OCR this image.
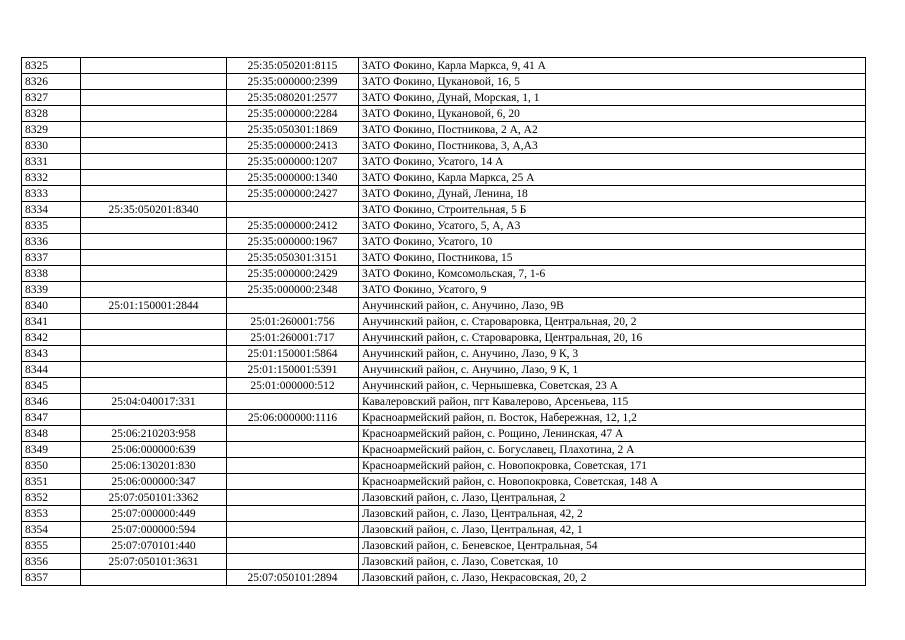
8325		25:35:050201:8115	ЗАТО Фокино, Карла Маркса, 9, 41 А
8326		25:35:000000:2399	ЗАТО Фокино, Цукановой, 16, 5
8327		25:35:080201:2577	ЗАТО Фокино, Дунай, Морская, 1, 1
8328		25:35:000000:2284	ЗАТО Фокино, Цукановой, 6, 20
8329		25:35:050301:1869	ЗАТО Фокино, Постникова, 2 А, А2
8330		25:35:000000:2413	ЗАТО Фокино, Постникова, 3, А,А3
8331		25:35:000000:1207	ЗАТО Фокино, Усатого, 14 А
8332		25:35:000000:1340	ЗАТО Фокино, Карла Маркса, 25 А
8333		25:35:000000:2427	ЗАТО Фокино, Дунай, Ленина, 18
8334	25:35:050201:8340		ЗАТО Фокино, Строительная, 5 Б
8335		25:35:000000:2412	ЗАТО Фокино, Усатого, 5, А, А3
8336		25:35:000000:1967	ЗАТО Фокино, Усатого, 10
8337		25:35:050301:3151	ЗАТО Фокино, Постникова, 15
8338		25:35:000000:2429	ЗАТО Фокино, Комсомольская, 7, 1-6
8339		25:35:000000:2348	ЗАТО Фокино, Усатого, 9
8340	25:01:150001:2844		Анучинский район, с. Анучино, Лазо, 9В
8341		25:01:260001:756	Анучинский район, с. Староваровка, Центральная, 20, 2
8342		25:01:260001:717	Анучинский район, с. Староваровка, Центральная, 20, 16
8343		25:01:150001:5864	Анучинский район, с. Анучино, Лазо, 9 К, 3
8344		25:01:150001:5391	Анучинский район, с. Анучино, Лазо, 9 К, 1
8345		25:01:000000:512	Анучинский район, с. Чернышевка, Советская, 23 А
8346	25:04:040017:331		Кавалеровский район, пгт Кавалерово, Арсеньева, 115
8347		25:06:000000:1116	Красноармейский район, п. Восток, Набережная, 12, 1,2
8348	25:06:210203:958		Красноармейский район, с. Рощино, Ленинская, 47 А
8349	25:06:000000:639		Красноармейский район, с. Богуславец, Плахотина, 2 А
8350	25:06:130201:830		Красноармейский район, с. Новопокровка, Советская, 171
8351	25:06:000000:347		Красноармейский район, с. Новопокровка, Советская, 148 А
8352	25:07:050101:3362		Лазовский район, с. Лазо, Центральная, 2
8353	25:07:000000:449		Лазовский район, с. Лазо, Центральная, 42, 2
8354	25:07:000000:594		Лазовский район, с. Лазо, Центральная, 42, 1
8355	25:07:070101:440		Лазовский район, с. Беневское, Центральная, 54
8356	25:07:050101:3631		Лазовский район, с. Лазо, Советская, 10
8357		25:07:050101:2894	Лазовский район, с. Лазо, Некрасовская, 20, 2
